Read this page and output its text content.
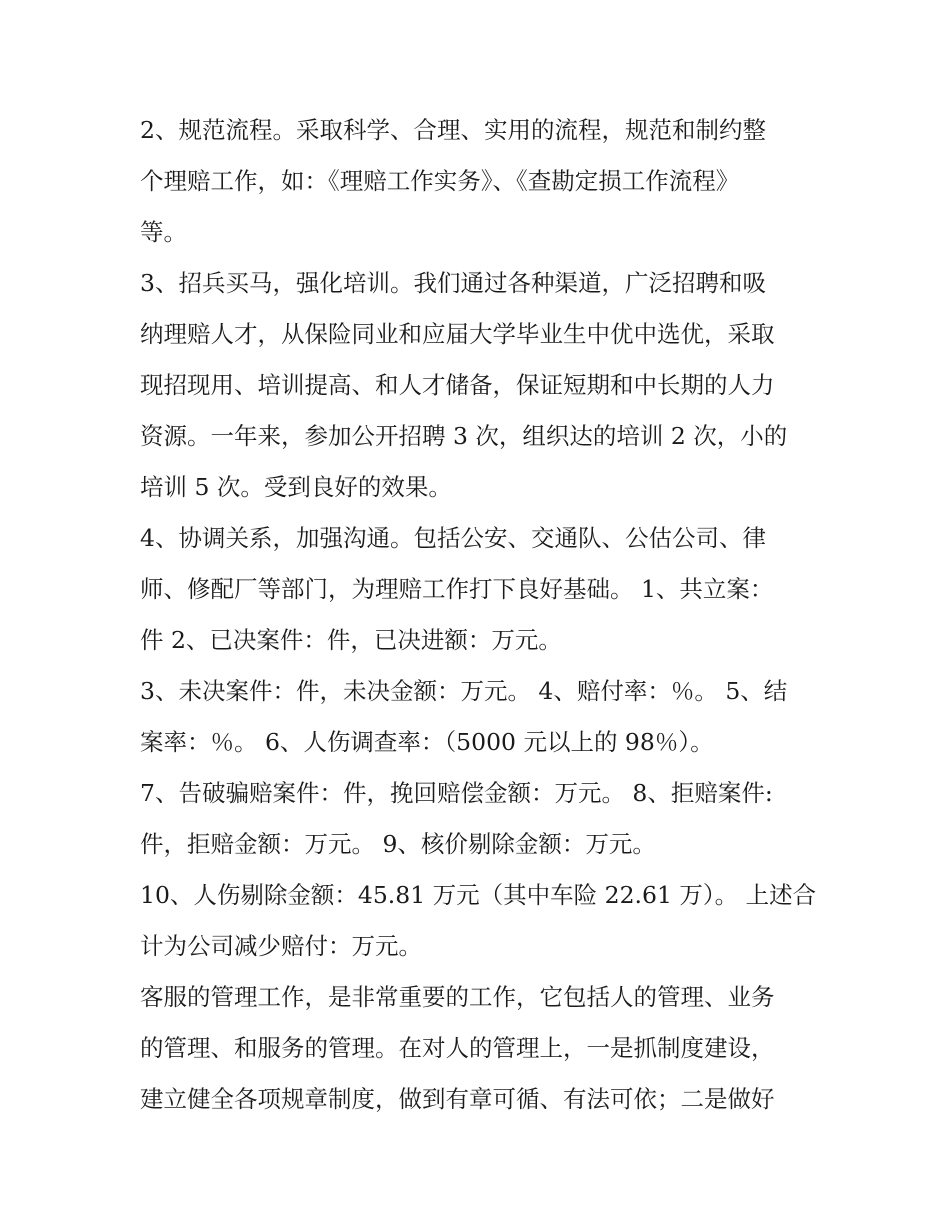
2、规范流程。采取科学、合理、实用的流程，规范和制约整
个理赔工作，如：《理赔工作实务》、《查勘定损工作流程》
等。
3、招兵买马，强化培训。我们通过各种渠道，广泛招聘和吸
纳理赔人才，从保险同业和应届大学毕业生中优中选优，采取
现招现用、培训提高、和人才储备，保证短期和中长期的人力
资源。一年来，参加公开招聘 3 次，组织达的培训 2 次，小的
培训 5 次。受到良好的效果。
4、协调关系，加强沟通。包括公安、交通队、公估公司、律
师、修配厂等部门，为理赔工作打下良好基础。 1、共立案：
件 2、已决案件：件，已决进额：万元。
3、未决案件：件，未决金额：万元。 4、赔付率：％。 5、结
案率：％。 6、人伤调查率：（5000 元以上的 98％）。
7、告破骗赔案件：件，挽回赔偿金额：万元。 8、拒赔案件:
件，拒赔金额：万元。 9、核价剔除金额：万元。
10、人伤剔除金额：45.81 万元（其中车险 22.61 万）。 上述合
计为公司减少赔付：万元。
客服的管理工作，是非常重要的工作，它包括人的管理、业务
的管理、和服务的管理。在对人的管理上，一是抓制度建设，
建立健全各项规章制度，做到有章可循、有法可依；二是做好
